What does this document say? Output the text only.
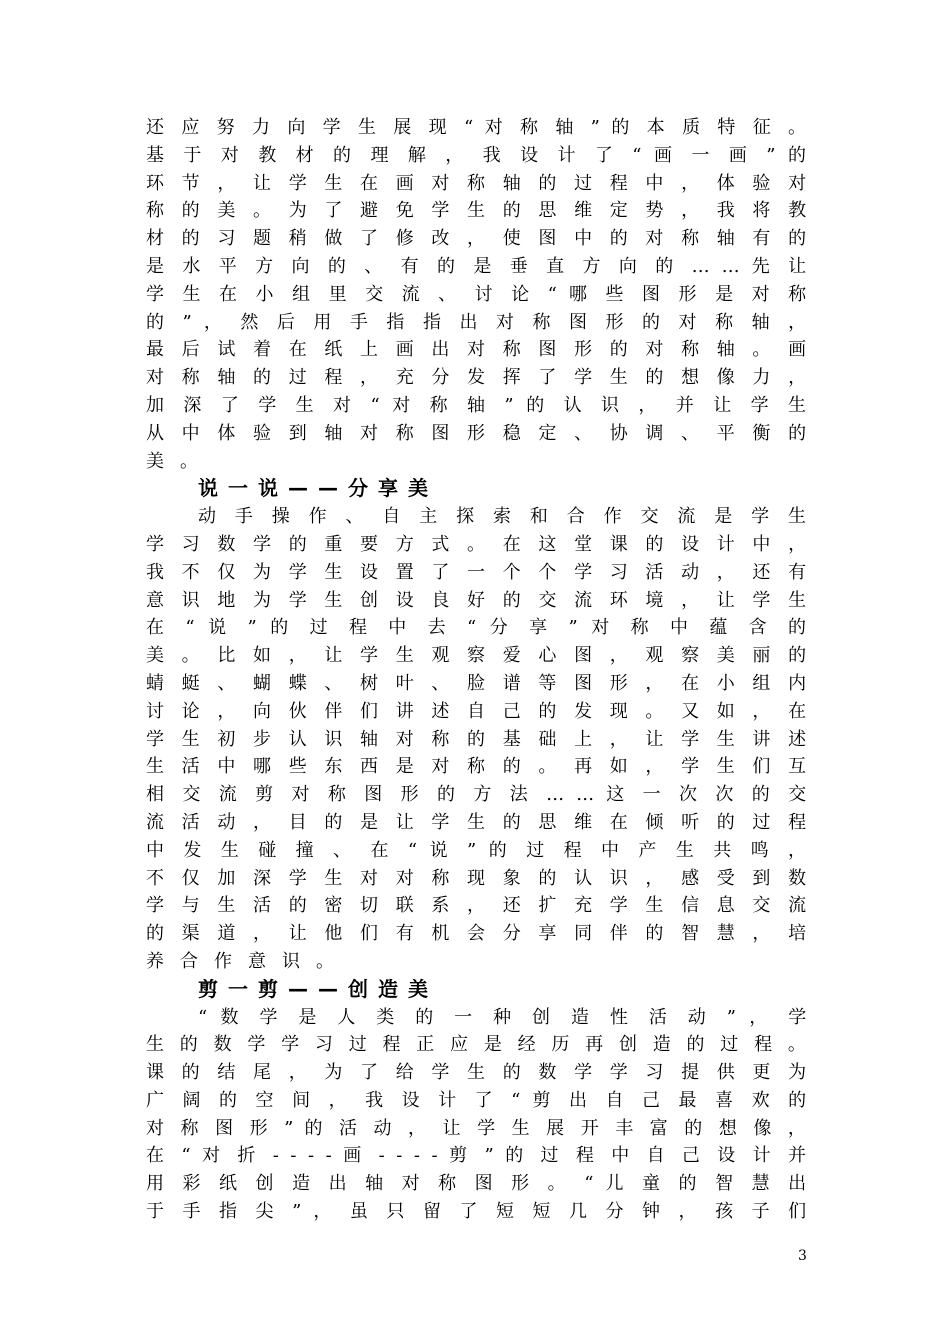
还 应 努 力 向 学 生 展 现 “ 对 称 轴 ” 的 本 质 特 征 。
基 于 对 教 材 的 理 解 ， 我 设 计 了 “ 画 一 画 ” 的
环 节 ， 让 学 生 在 画 对 称 轴 的 过 程 中 ， 体 验 对
称 的 美 。 为 了 避 免 学 生 的 思 维 定 势 ， 我 将 教
材 的 习 题 稍 做 了 修 改 ， 使 图 中 的 对 称 轴 有 的
是 水 平 方 向 的 、 有 的 是 垂 直 方 向 的 … … 先 让
学 生 在 小 组 里 交 流 、 讨 论 “ 哪 些 图 形 是 对 称
的 ” ， 然 后 用 手 指 指 出 对 称 图 形 的 对 称 轴 ，
最 后 试 着 在 纸 上 画 出 对 称 图 形 的 对 称 轴 。 画
对 称 轴 的 过 程 ， 充 分 发 挥 了 学 生 的 想 像 力 ，
加 深 了 学 生 对 “ 对 称 轴 ” 的 认 识 ， 并 让 学 生
从 中 体 验 到 轴 对 称 图 形 稳 定 、 协 调 、 平 衡 的
美。
说一说——分享美
动 手 操 作 、 自 主 探 索 和 合 作 交 流 是 学 生
学 习 数 学 的 重 要 方 式 。 在 这 堂 课 的 设 计 中 ，
我 不 仅 为 学 生 设 置 了 一 个 个 学 习 活 动 ， 还 有
意 识 地 为 学 生 创 设 良 好 的 交 流 环 境 ， 让 学 生
在 “ 说 ” 的 过 程 中 去 “ 分 享 ” 对 称 中 蕴 含 的
美 。 比 如 ， 让 学 生 观 察 爱 心 图 ， 观 察 美 丽 的
蜻 蜓 、 蝴 蝶 、 树 叶 、 脸 谱 等 图 形 ， 在 小 组 内
讨 论 ， 向 伙 伴 们 讲 述 自 己 的 发 现 。 又 如 ， 在
学 生 初 步 认 识 轴 对 称 的 基 础 上 ， 让 学 生 讲 述
生 活 中 哪 些 东 西 是 对 称 的 。 再 如 ， 学 生 们 互
相 交 流 剪 对 称 图 形 的 方 法 … … 这 一 次 次 的 交
流 活 动 ， 目 的 是 让 学 生 的 思 维 在 倾 听 的 过 程
中 发 生 碰 撞 、 在 “ 说 ” 的 过 程 中 产 生 共 鸣 ，
不 仅 加 深 学 生 对 对 称 现 象 的 认 识 ， 感 受 到 数
学 与 生 活 的 密 切 联 系 ， 还 扩 充 学 生 信 息 交 流
的 渠 道 ， 让 他 们 有 机 会 分 享 同 伴 的 智 慧 ， 培
养合作意识。
剪一剪——创造美
“ 数 学 是 人 类 的 一 种 创 造 性 活 动 ” ， 学
生 的 数 学 学 习 过 程 正 应 是 经 历 再 创 造 的 过 程 。
课 的 结 尾 ， 为 了 给 学 生 的 数 学 学 习 提 供 更 为
广 阔 的 空 间 ， 我 设 计 了 “ 剪 出 自 己 最 喜 欢 的
对 称 图 形 ” 的 活 动 ， 让 学 生 展 开 丰 富 的 想 像 ，
在 “ 对 折 - - - - 画 - - - - 剪 ” 的 过 程 中 自 己 设 计 并
用 彩 纸 创 造 出 轴 对 称 图 形 。 “ 儿 童 的 智 慧 出
于 手 指 尖 ” ， 虽 只 留 了 短 短 几 分 钟 ， 孩 子 们
3
